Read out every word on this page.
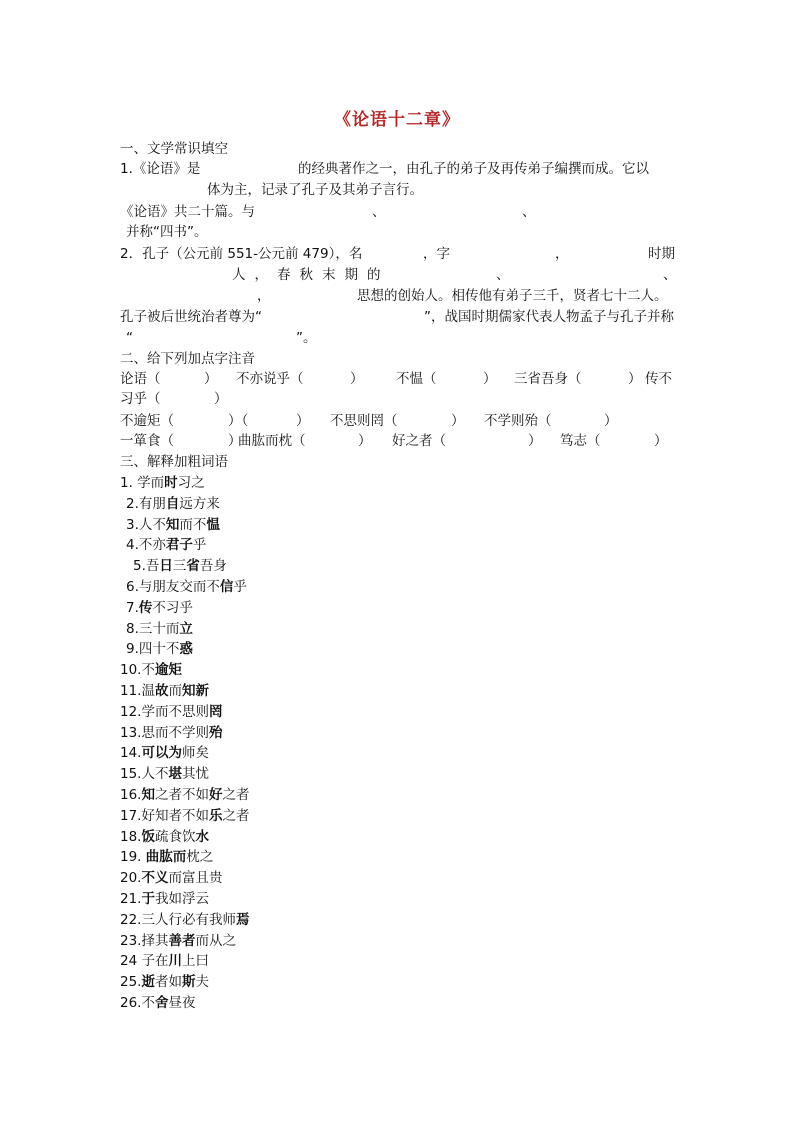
《论语十二章》
一、文学常识填空
1.《论语》是	的经典著作之一，由孔子的弟子及再传弟子编撰而成。它以
体为主，记录了孔子及其弟子言行。
《论语》共二十篇。与	、	、
并称“四书”。
2．孔子（公元前 551-公元前 479），名	，字	，	时期
人，春秋末期的	、	、
，	思想的创始人。相传他有弟子三千，贤者七十二人。
孔子被后世统治者尊为“	”，战国时期儒家代表人物孟子与孔子并称
“	”。
二、给下列加点字注音
论语（	） 不亦说乎（	） 不愠（	） 三省吾身（	） 传不
习乎（	）
不逾矩（	）（	） 不思则罔（	） 不学则殆（	）
一箪食（	）
曲肱而枕（	） 好之者（	） 笃志（	）
三、解释加粗词语
1. 学而时习之
2.有朋自远方来
3.人不知而不愠
4.不亦君子乎
5.吾日三省吾身
6.与朋友交而不信乎
7.传不习乎
8.三十而立
9.四十不惑
10.不逾矩
11.温故而知新
12.学而不思则罔
13.思而不学则殆
14.可以为师矣
15.人不堪其忧
16.知之者不如好之者
17.好知者不如乐之者
18.饭疏食饮水
19. 曲肱而枕之
20.不义而富且贵
21.于我如浮云
22.三人行必有我师焉
23.择其善者而从之
24 子在川上曰
25.逝者如斯夫
26.不舍昼夜
